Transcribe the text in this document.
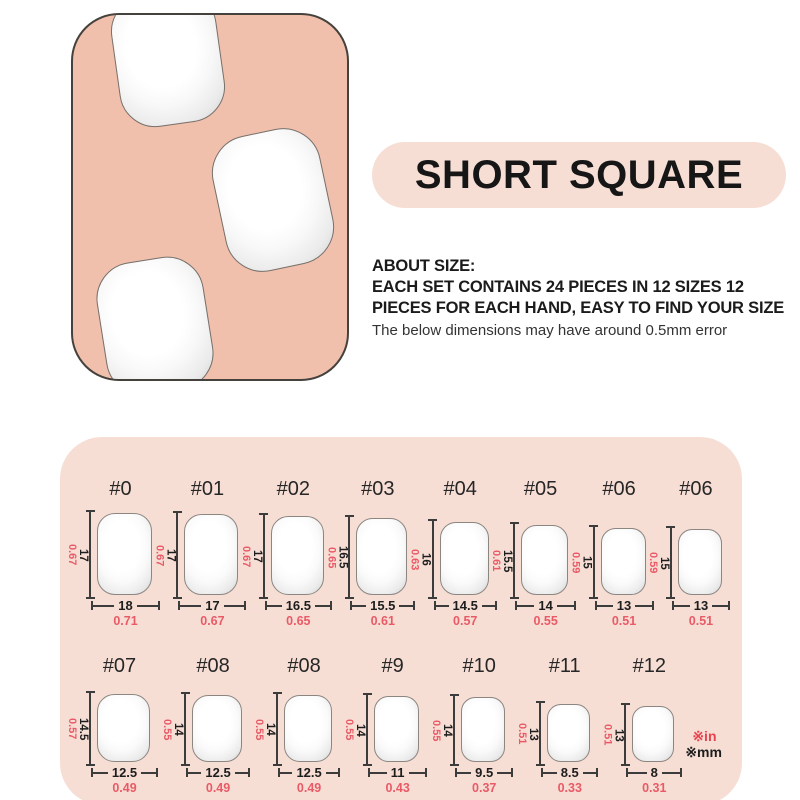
SHORT SQUARE
ABOUT SIZE:
EACH SET CONTAINS 24 PIECES IN 12 SIZES 12
PIECES FOR EACH HAND, EASY TO FIND YOUR SIZE
The below dimensions may have around 0.5mm error
#0
0.67 17
18
0.71
#01
0.67 17
17
0.67
#02
0.67 17
16.5
0.65
#03
0.65 16.5
15.5
0.61
#04
0.63 16
14.5
0.57
#05
0.61 15.5
14
0.55
#06
0.59 15
13
0.51
#06
0.59 15
13
0.51
#07
0.57 14.5
12.5
0.49
#08
0.55 14
12.5
0.49
#08
0.55 14
12.5
0.49
#9
0.55 14
11
0.43
#10
0.55 14
9.5
0.37
#11
0.51 13
8.5
0.33
#12
0.51 13
8
0.31
※in
※mm
